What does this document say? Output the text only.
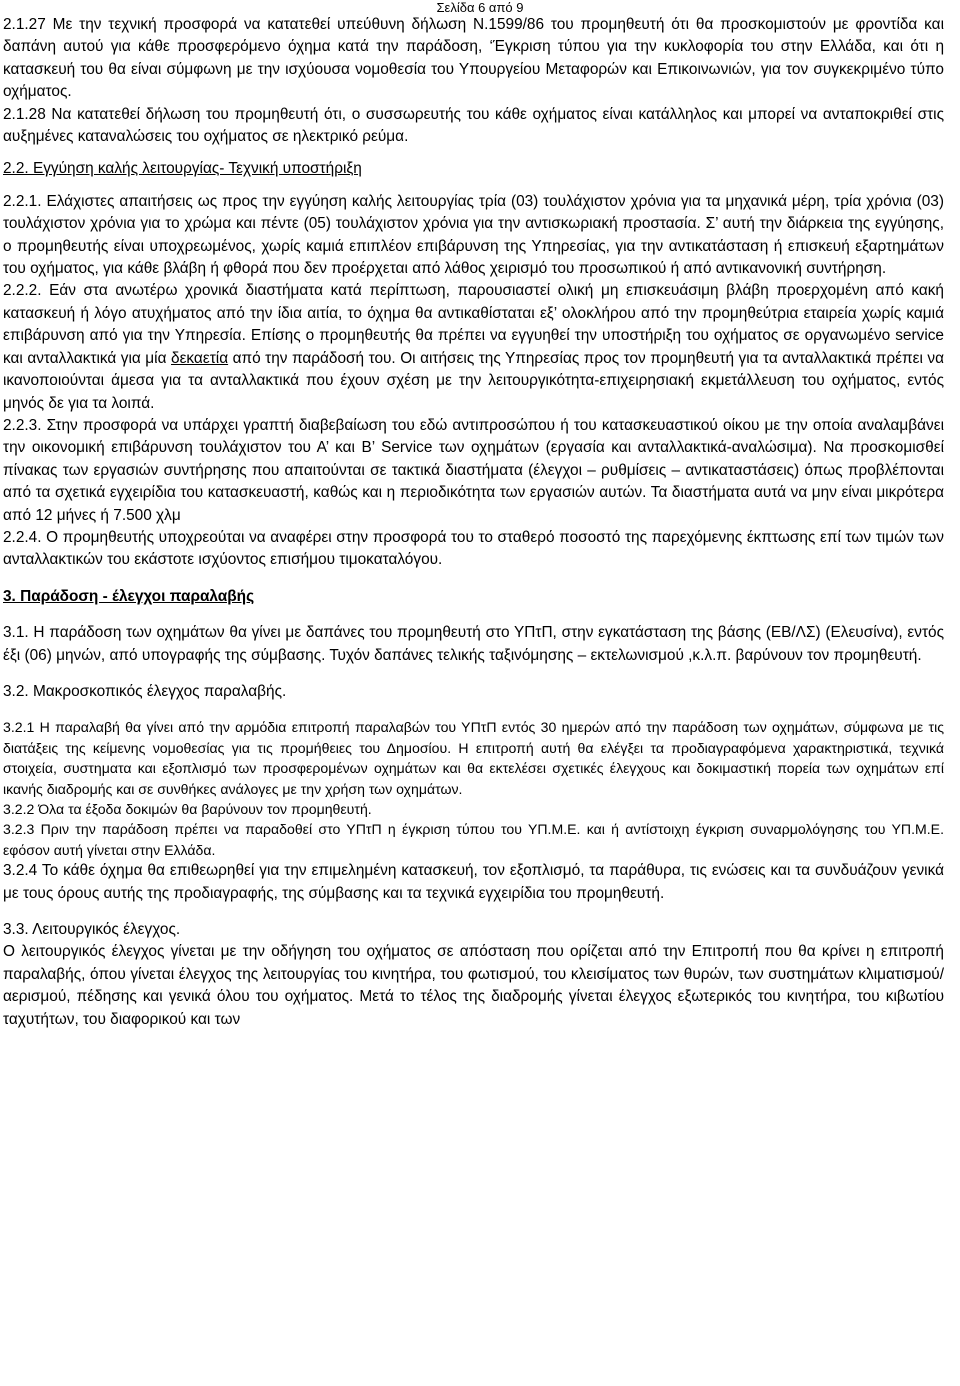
Σελίδα 6 από 9

2.1.27 Με την τεχνική προσφορά να κατατεθεί υπεύθυνη δήλωση Ν.1599/86 του προμηθευτή ότι θα προσκομιστούν με φροντίδα και δαπάνη αυτού για κάθε προσφερόμενο όχημα κατά την παράδοση, ‘Έγκριση τύπου για την κυκλοφορία του στην Ελλάδα, και ότι η κατασκευή του θα είναι σύμφωνη με την ισχύουσα νομοθεσία του Υπουργείου Μεταφορών και Επικοινωνιών, για τον συγκεκριμένο τύπο οχήματος.

2.1.28 Να κατατεθεί δήλωση του προμηθευτή ότι, ο συσσωρευτής του κάθε οχήματος είναι κατάλληλος και μπορεί να ανταποκριθεί στις αυξημένες καταναλώσεις του οχήματος σε ηλεκτρικό ρεύμα.

2.2. Εγγύηση καλής λειτουργίας- Τεχνική υποστήριξη

2.2.1. Ελάχιστες απαιτήσεις ως προς την εγγύηση καλής λειτουργίας τρία (03) τουλάχιστον χρόνια για τα μηχανικά μέρη, τρία χρόνια (03) τουλάχιστον χρόνια για το χρώμα και πέντε (05) τουλάχιστον χρόνια για την αντισκωριακή προστασία. Σ’ αυτή την διάρκεια της εγγύησης, ο προμηθευτής είναι υποχρεωμένος, χωρίς καμιά επιπλέον επιβάρυνση της Υπηρεσίας, για την αντικατάσταση ή επισκευή εξαρτημάτων του οχήματος, για κάθε βλάβη ή φθορά που δεν προέρχεται από λάθος χειρισμό του προσωπικού ή από αντικανονική συντήρηση.

2.2.2. Εάν στα ανωτέρω χρονικά διαστήματα κατά περίπτωση, παρουσιαστεί ολική μη επισκευάσιμη βλάβη προερχομένη από κακή κατασκευή ή λόγο ατυχήματος από την ίδια αιτία, το όχημα θα αντικαθίσταται εξ’ ολοκλήρου από την προμηθεύτρια εταιρεία χωρίς καμιά επιβάρυνση από για την Υπηρεσία. Επίσης ο προμηθευτής θα πρέπει να εγγυηθεί την υποστήριξη του οχήματος σε οργανωμένο service και ανταλλακτικά για μία δεκαετία από την παράδοσή του. Οι αιτήσεις της Υπηρεσίας προς τον προμηθευτή για τα ανταλλακτικά πρέπει να ικανοποιούνται άμεσα για τα ανταλλακτικά που έχουν σχέση με την λειτουργικότητα-επιχειρησιακή εκμετάλλευση του οχήματος, εντός μηνός δε για τα λοιπά.

2.2.3. Στην προσφορά να υπάρχει γραπτή διαβεβαίωση του εδώ αντιπροσώπου ή του κατασκευαστικού οίκου με την οποία αναλαμβάνει την οικονομική επιβάρυνση τουλάχιστον του Α’ και Β’ Service των οχημάτων (εργασία και ανταλλακτικά-αναλώσιμα). Να προσκομισθεί πίνακας των εργασιών συντήρησης που απαιτούνται σε τακτικά διαστήματα (έλεγχοι – ρυθμίσεις – αντικαταστάσεις) όπως προβλέπονται από τα σχετικά εγχειρίδια του κατασκευαστή, καθώς και η περιοδικότητα των εργασιών αυτών. Τα διαστήματα αυτά να μην είναι μικρότερα από 12 μήνες ή 7.500 χλμ

2.2.4. Ο προμηθευτής υποχρεούται να αναφέρει στην προσφορά του το σταθερό ποσοστό της παρεχόμενης έκπτωσης επί των τιμών των ανταλλακτικών του εκάστοτε ισχύοντος επισήμου τιμοκαταλόγου.

3. Παράδοση - έλεγχοι παραλαβής

3.1. Η παράδοση των οχημάτων θα γίνει με δαπάνες του προμηθευτή στο ΥΠτΠ, στην εγκατάσταση της βάσης (ΕΒ/ΛΣ) (Ελευσίνα), εντός έξι (06) μηνών, από υπογραφής της σύμβασης. Τυχόν δαπάνες τελικής ταξινόμησης – εκτελωνισμού ,κ.λ.π. βαρύνουν τον προμηθευτή.

3.2. Μακροσκοπικός έλεγχος παραλαβής.

3.2.1 Η παραλαβή θα γίνει από την αρμόδια επιτροπή παραλαβών του ΥΠτΠ εντός 30 ημερών από την παράδοση των οχημάτων, σύμφωνα με τις διατάξεις της κείμενης νομοθεσίας για τις προμήθειες του Δημοσίου. Η επιτροπή αυτή θα ελέγξει τα προδιαγραφόμενα χαρακτηριστικά, τεχνικά στοιχεία, συστηματα και εξοπλισμό των προσφερομένων οχημάτων και θα εκτελέσει σχετικές έλεγχους και δοκιμαστική πορεία των οχημάτων επί ικανής διαδρομής και σε συνθήκες ανάλογες με την χρήση των οχημάτων.

3.2.2 Όλα τα έξοδα δοκιμών θα βαρύνουν τον προμηθευτή.

3.2.3 Πριν την παράδοση πρέπει να παραδοθεί στο ΥΠτΠ η έγκριση τύπου του ΥΠ.Μ.Ε. και ή αντίστοιχη έγκριση συναρμολόγησης του ΥΠ.Μ.Ε. εφόσον αυτή γίνεται στην Ελλάδα.

3.2.4 Το κάθε όχημα θα επιθεωρηθεί για την επιμελημένη κατασκευή, τον εξοπλισμό, τα παράθυρα, τις ενώσεις και τα συνδυάζουν γενικά με τους όρους αυτής της προδιαγραφής, της σύμβασης και τα τεχνικά εγχειρίδια του προμηθευτή.

3.3. Λειτουργικός έλεγχος.

Ο λειτουργικός έλεγχος γίνεται με την οδήγηση του οχήματος σε απόσταση που ορίζεται από την Επιτροπή που θα κρίνει η επιτροπή παραλαβής, όπου γίνεται έλεγχος της λειτουργίας του κινητήρα, του φωτισμού, του κλεισίματος των θυρών, των συστημάτων κλιματισμού/αερισμού, πέδησης και γενικά όλου του οχήματος. Μετά το τέλος της διαδρομής γίνεται έλεγχος εξωτερικός του κινητήρα, του κιβωτίου ταχυτήτων, του διαφορικού και των
